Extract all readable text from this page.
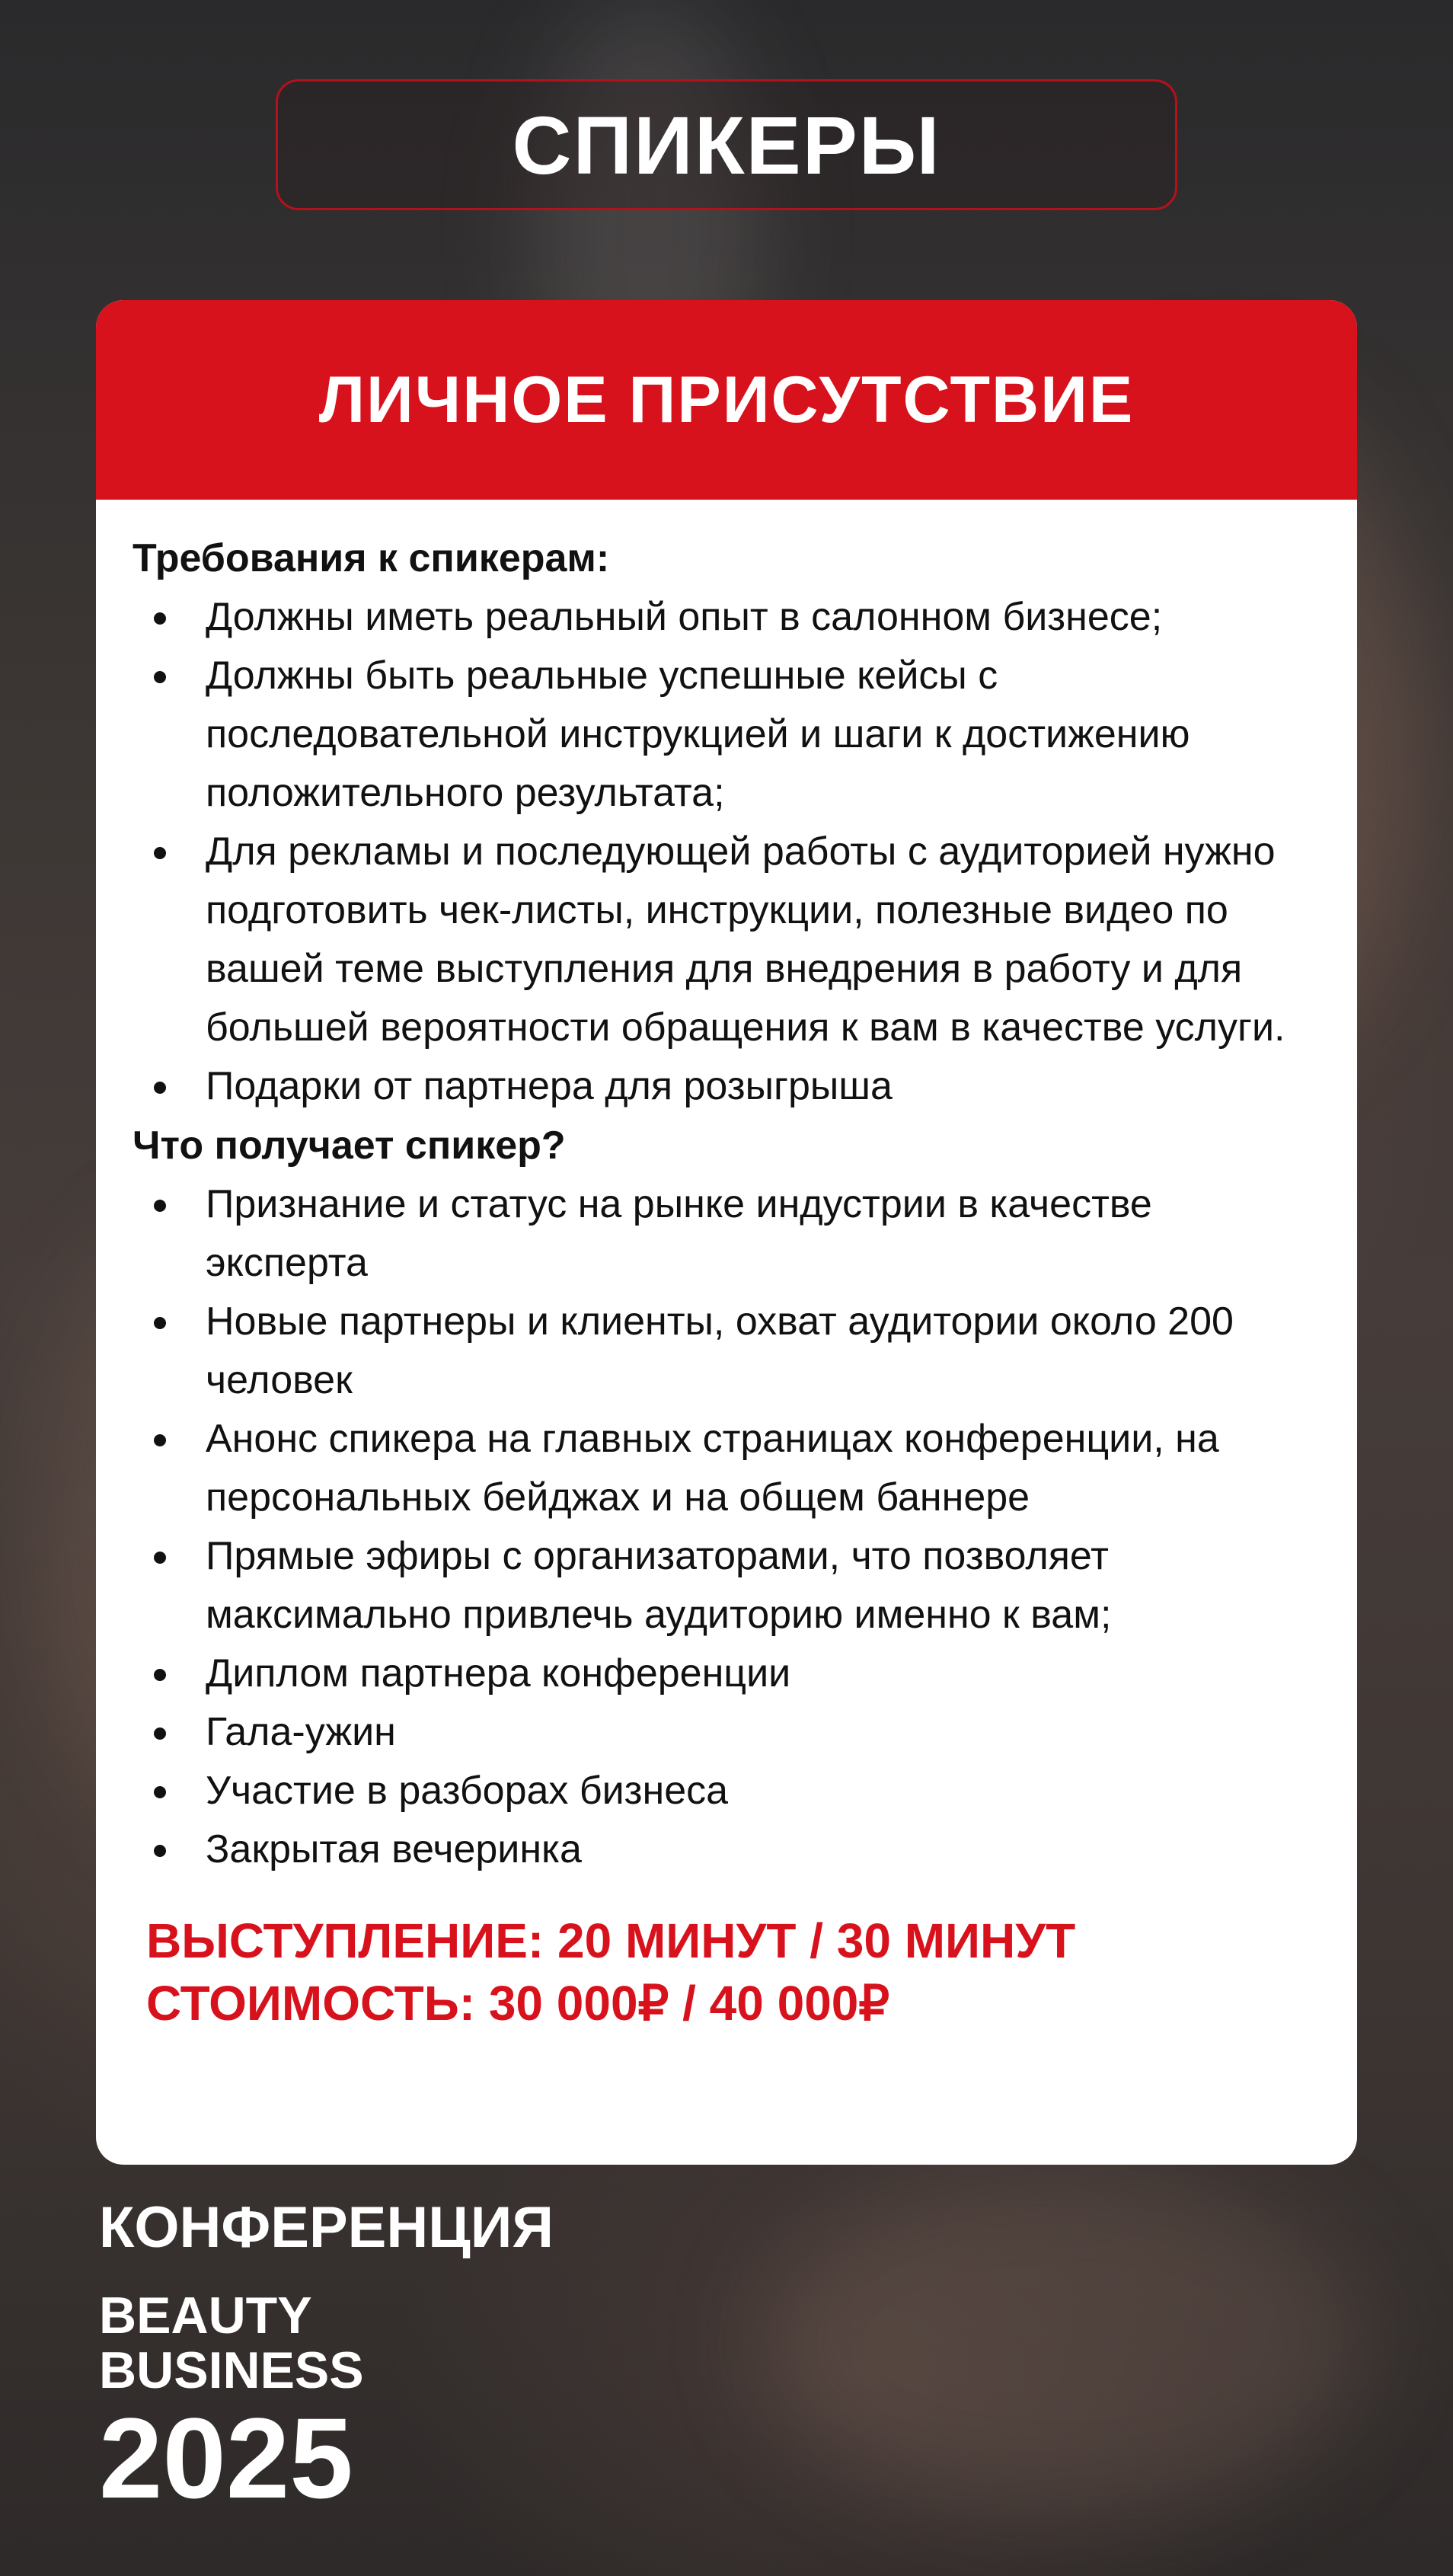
СПИКЕРЫ
ЛИЧНОЕ ПРИСУТСТВИЕ

Требования к спикерам:

Должны иметь реальный опыт в салонном бизнесе;
Должны быть реальные успешные кейсы с последовательной инструкцией и шаги к достижению положительного результата;
Для рекламы и последующей работы с аудиторией нужно подготовить чек-листы, инструкции, полезные видео по вашей теме выступления для внедрения в работу и для большей вероятности обращения к вам в качестве услуги.
Подарки от партнера для розыгрыша

Что получает спикер?

Признание и статус на рынке индустрии в качестве эксперта
Новые партнеры и клиенты, охват аудитории около 200 человек
Анонс спикера на главных страницах конференции, на персональных бейджах и на общем баннере
Прямые эфиры с организаторами, что позволяет максимально привлечь аудиторию именно к вам;
Диплом партнера конференции
Гала-ужин
Участие в разборах бизнеса
Закрытая вечеринка

ВЫСТУПЛЕНИЕ: 20 МИНУТ / 30 МИНУТ

СТОИМОСТЬ: 30 000₽ / 40 000₽

КОНФЕРЕНЦИЯ
BEAUTY
BUSINESS
2025
